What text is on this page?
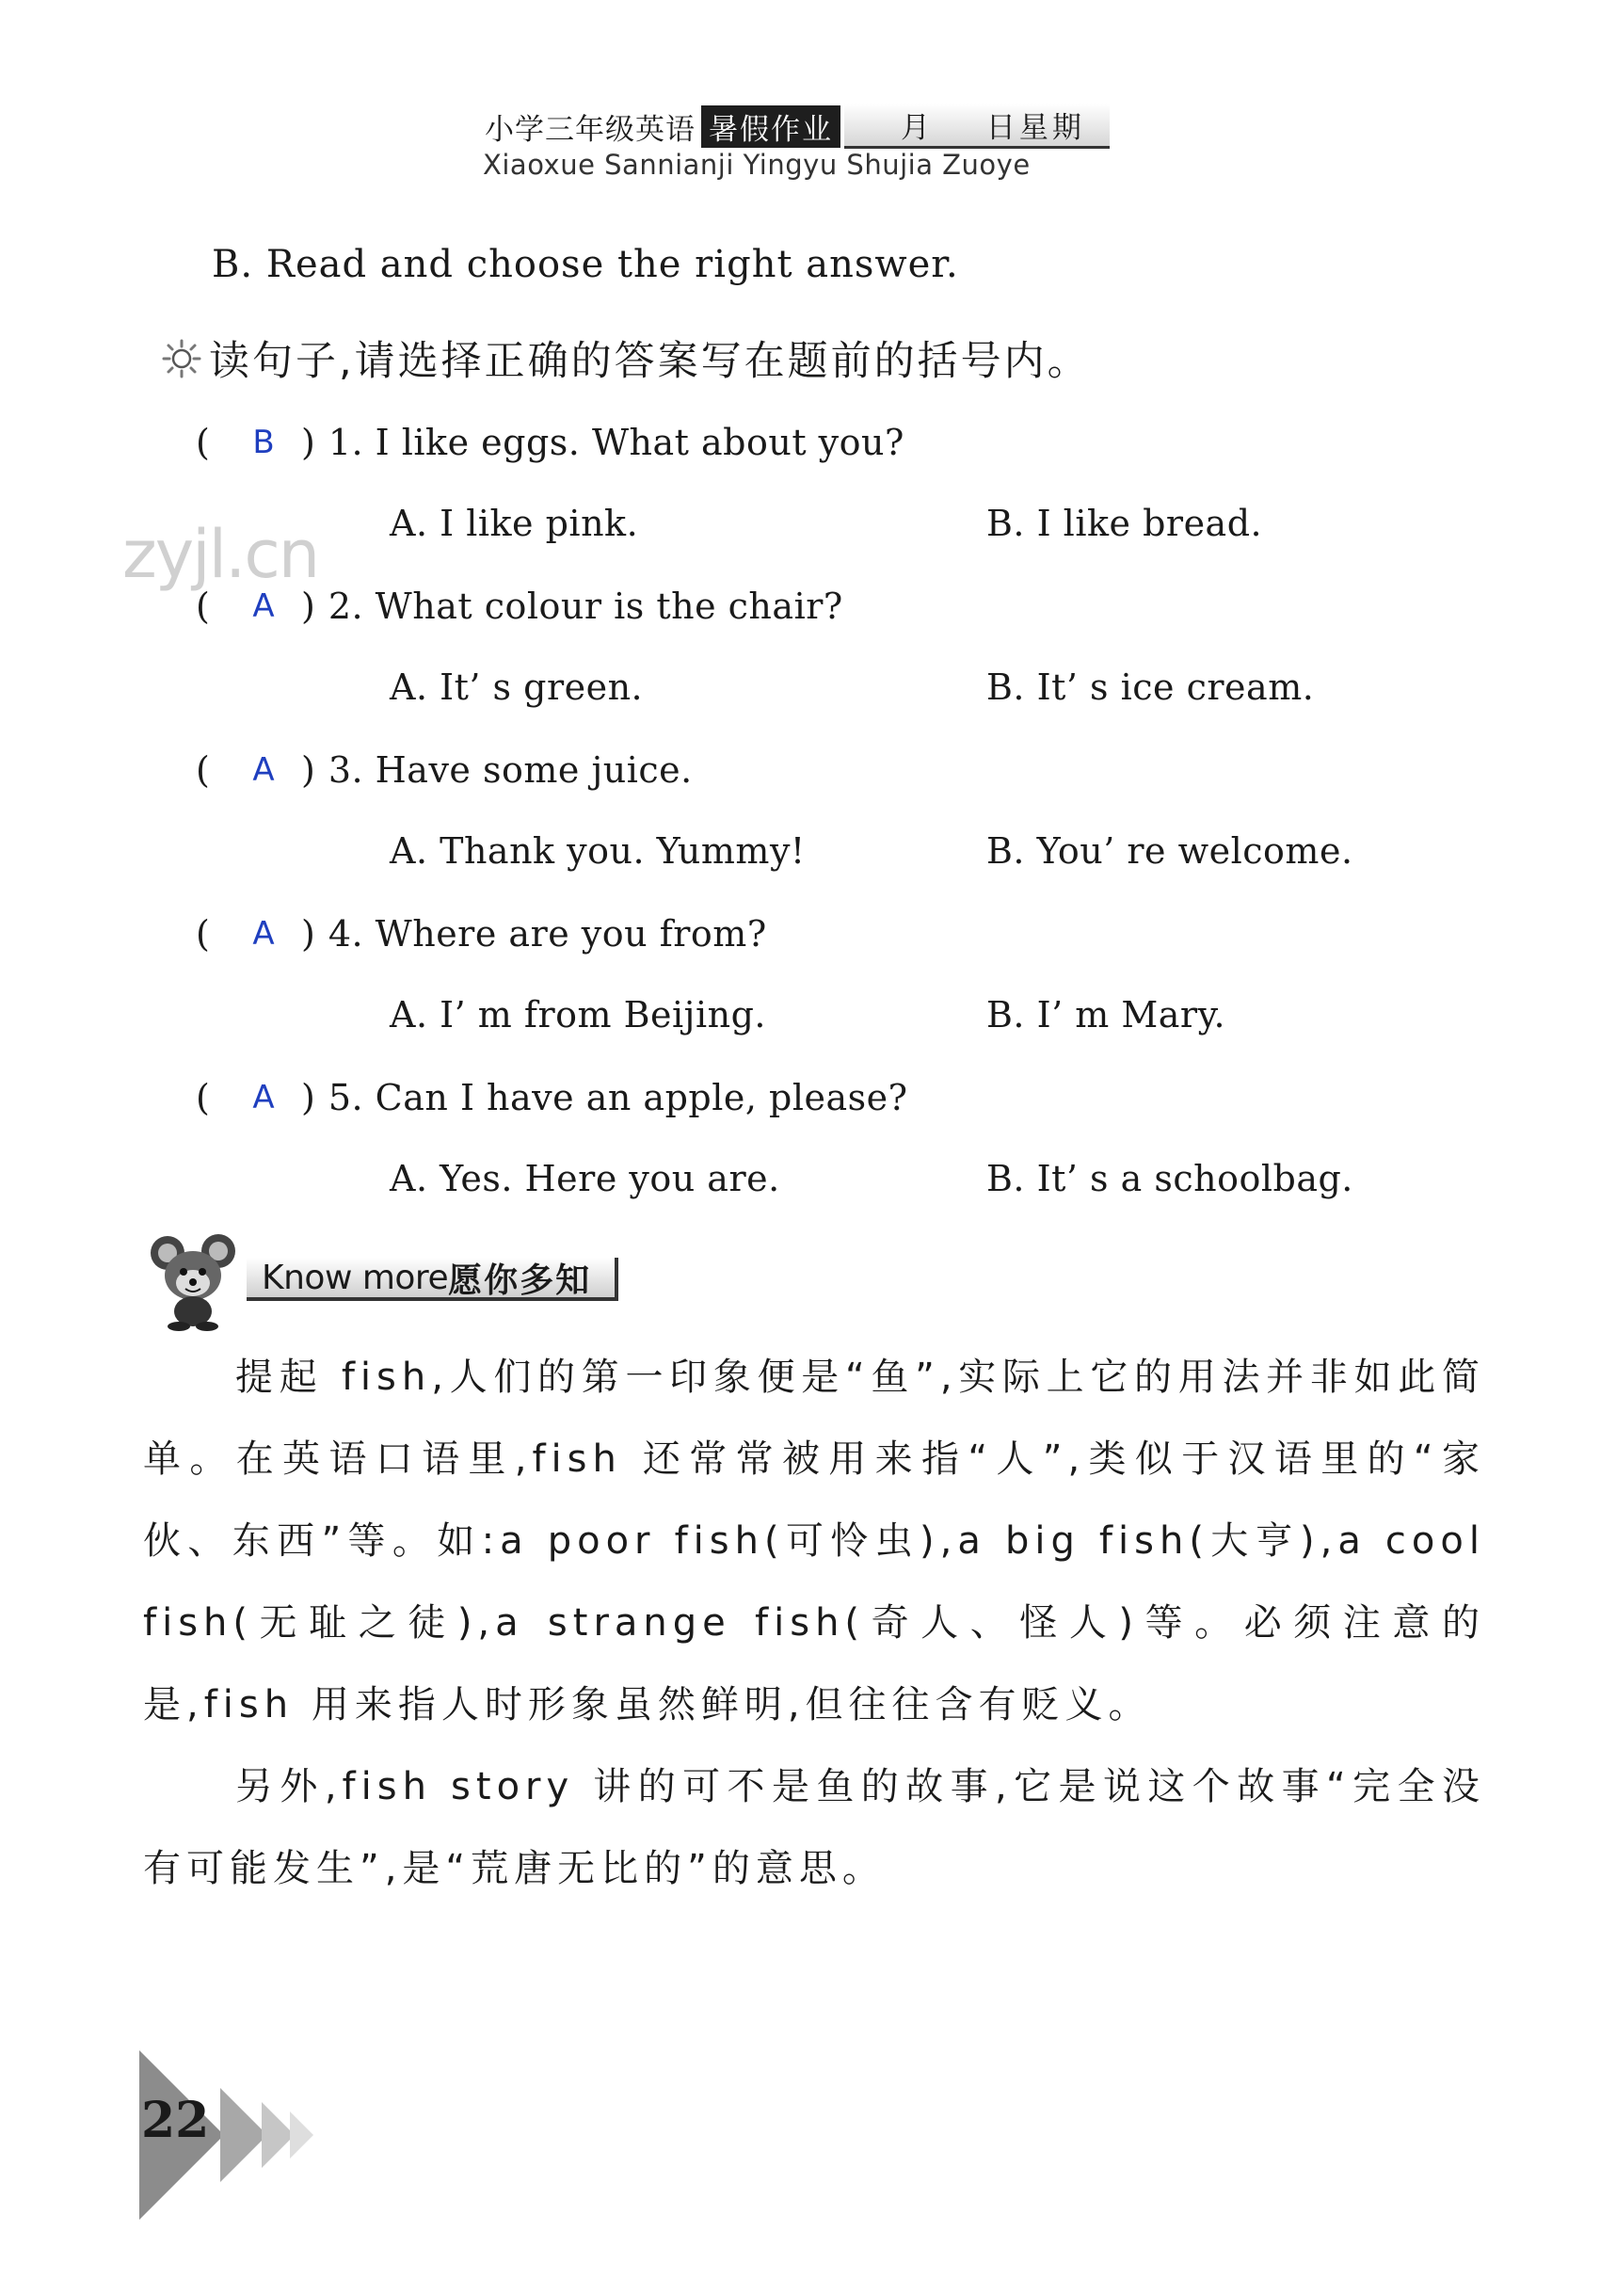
小学三年级英语 暑假作业	月 日星期
Xiaoxue Sannianji Yingyu Shujia Zuoye
B. Read and choose the right answer.
读句子,请选择正确的答案写在题前的括号内。
zyjl.cn
(	B ) 1. I like eggs. What about you?
A. I like pink.	B. I like bread.
(	A ) 2. What colour is the chair?
A. It’ s green.	B. It’ s ice cream.
(	A ) 3. Have some juice.
A. Thank you. Yummy!	B. You’ re welcome.
(	A ) 4. Where are you from?
A. I’ m from Beijing.	B. I’ m Mary.
(	A ) 5. Can I have an apple, please?
A. Yes. Here you are.	B. It’ s a schoolbag.
Know more 愿你多知

提起 fish,人们的第一印象便是“鱼”,实际上它的用法并非如此简单。在英语口语里,fish 还常常被用来指“人”,类似于汉语里的“家伙、东西”等。如:a poor fish(可怜虫),a big fish(大亨),a cool fish(无耻之徒),a strange fish(奇人、怪人)等。必须注意的是,fish 用来指人时形象虽然鲜明,但往往含有贬义。

另外,fish story 讲的可不是鱼的故事,它是说这个故事“完全没有可能发生”,是“荒唐无比的”的意思。

22
